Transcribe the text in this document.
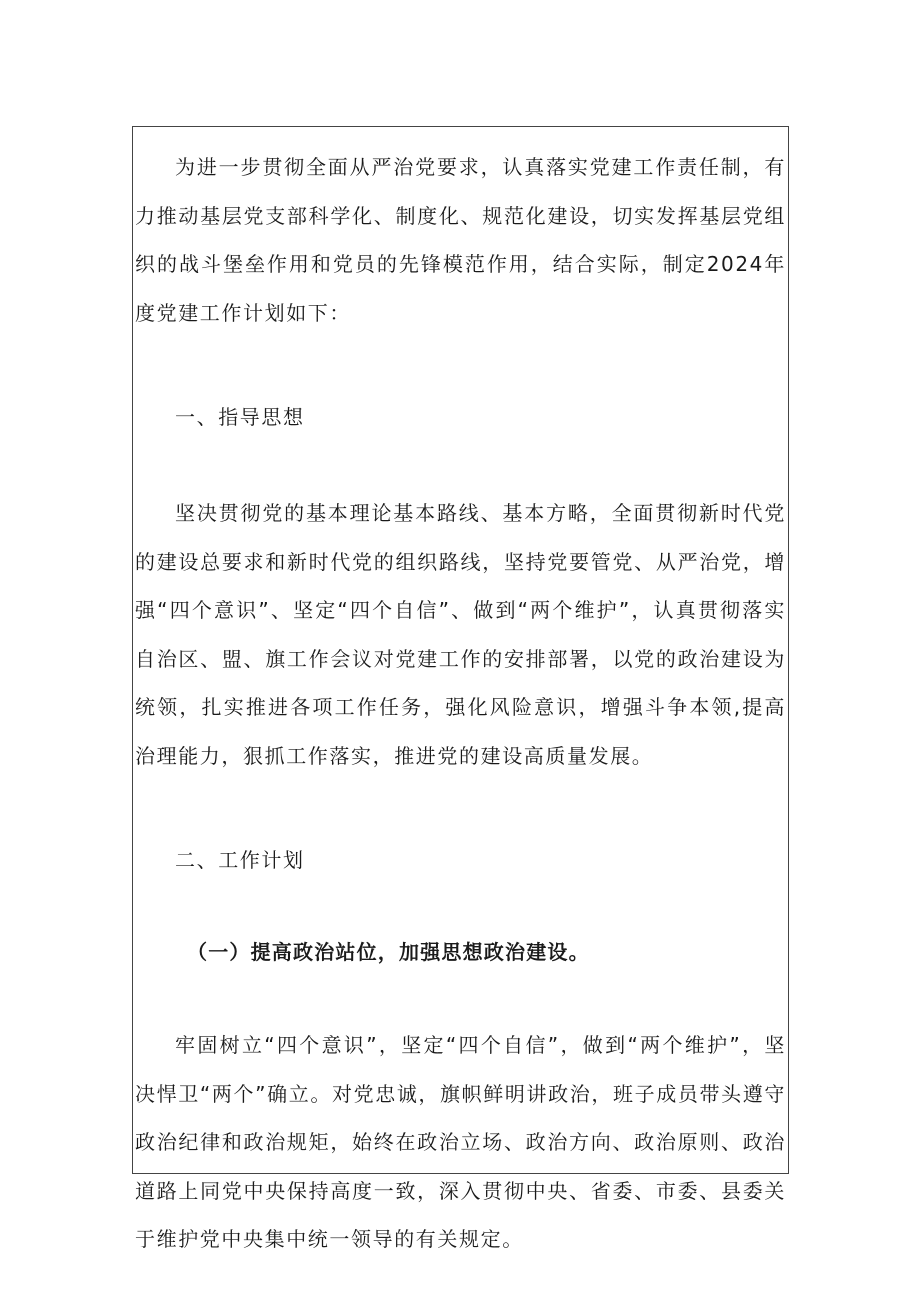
为进一步贯彻全面从严治党要求，认真落实党建工作责任制，有力推动基层党支部科学化、制度化、规范化建设，切实发挥基层党组织的战斗堡垒作用和党员的先锋模范作用，结合实际，制定2024年度党建工作计划如下：

一、指导思想

坚决贯彻党的基本理论基本路线、基本方略，全面贯彻新时代党的建设总要求和新时代党的组织路线，坚持党要管党、从严治党，增强“四个意识”、坚定“四个自信”、做到“两个维护”，认真贯彻落实自治区、盟、旗工作会议对党建工作的安排部署，以党的政治建设为统领，扎实推进各项工作任务，强化风险意识，增强斗争本领,提高治理能力，狠抓工作落实，推进党的建设高质量发展。

二、工作计划

（一）提高政治站位，加强思想政治建设。

牢固树立“四个意识”，坚定“四个自信”，做到“两个维护”，坚决悍卫“两个”确立。对党忠诚，旗帜鲜明讲政治，班子成员带头遵守政治纪律和政治规矩，始终在政治立场、政治方向、政治原则、政治道路上同党中央保持高度一致，深入贯彻中央、省委、市委、县委关于维护党中央集中统一领导的有关规定。
